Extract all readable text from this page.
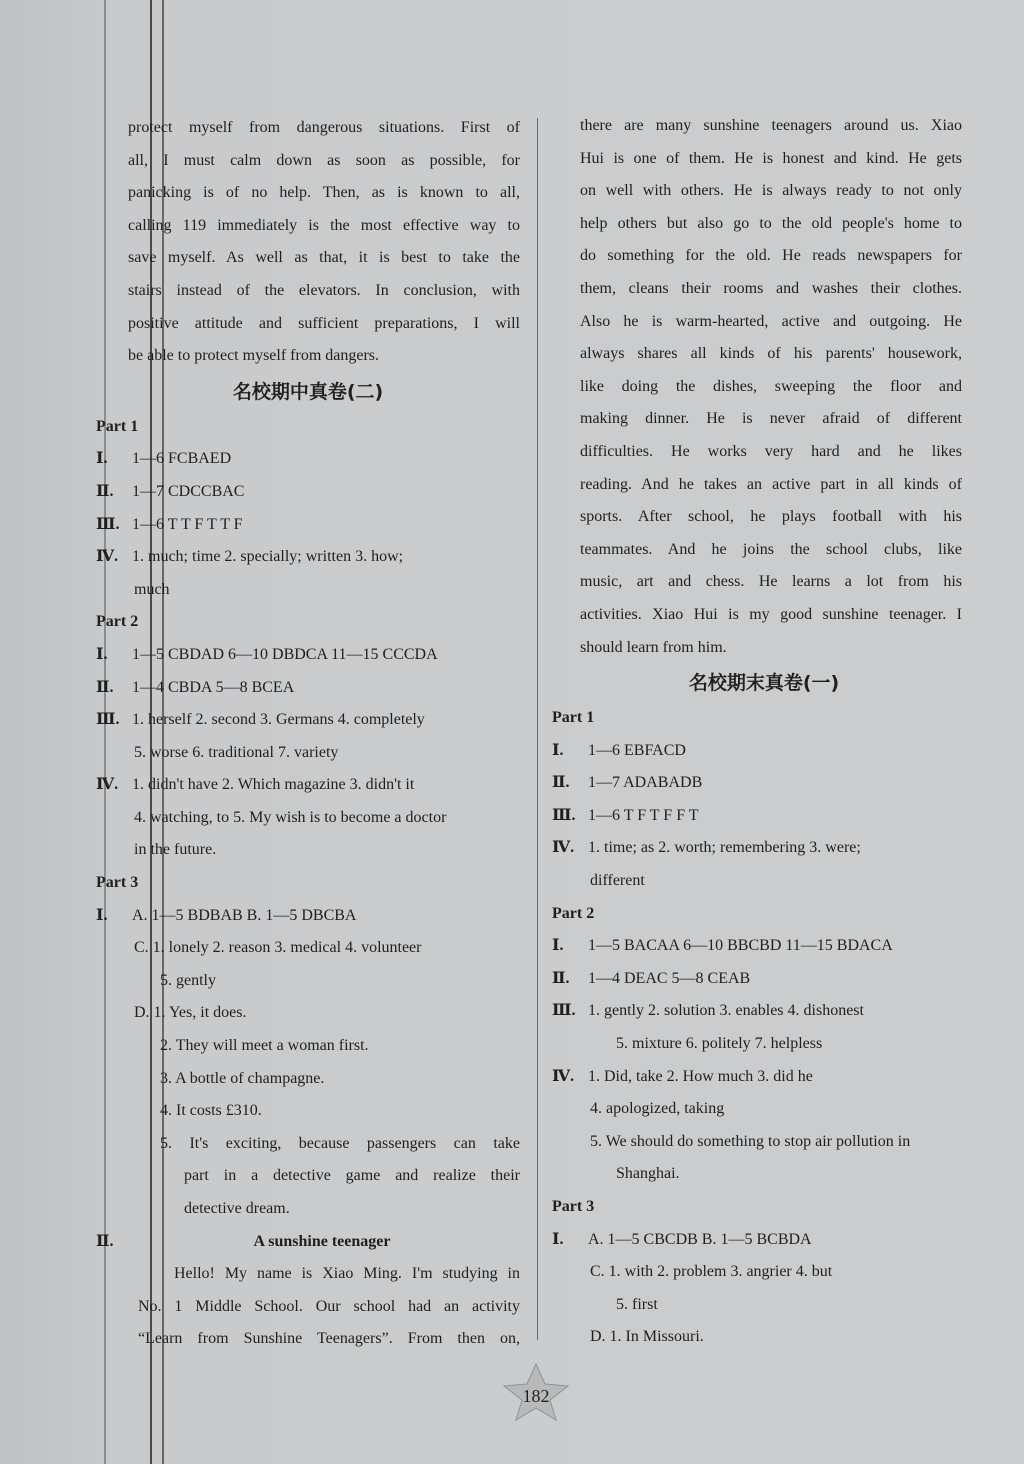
protect myself from dangerous situations. First of
all, I must calm down as soon as possible, for
panicking is of no help. Then, as is known to all,
calling 119 immediately is the most effective way to
save myself. As well as that, it is best to take the
stairs instead of the elevators. In conclusion, with
positive attitude and sufficient preparations, I will
be able to protect myself from dangers.
名校期中真卷(二)
Part 1
Ⅰ. 1—6 FCBAED
Ⅱ. 1—7 CDCCBAC
Ⅲ. 1—6 T T F T T F
Ⅳ. 1. much; time 2. specially; written 3. how;
much
Part 2
Ⅰ. 1—5 CBDAD 6—10 DBDCA 11—15 CCCDA
Ⅱ. 1—4 CBDA 5—8 BCEA
Ⅲ. 1. herself 2. second 3. Germans 4. completely
5. worse 6. traditional 7. variety
Ⅳ. 1. didn't have 2. Which magazine 3. didn't it
4. watching, to 5. My wish is to become a doctor
in the future.
Part 3
Ⅰ. A. 1—5 BDBAB B. 1—5 DBCBA
C. 1. lonely 2. reason 3. medical 4. volunteer
5. gently
D. 1. Yes, it does.
2. They will meet a woman first.
3. A bottle of champagne.
4. It costs £310.
5. It's exciting, because passengers can take
part in a detective game and realize their
detective dream.
Ⅱ.	A sunshine teenager
Hello! My name is Xiao Ming. I'm studying in
No. 1 Middle School. Our school had an activity
“Learn from Sunshine Teenagers”. From then on,
there are many sunshine teenagers around us. Xiao
Hui is one of them. He is honest and kind. He gets
on well with others. He is always ready to not only
help others but also go to the old people's home to
do something for the old. He reads newspapers for
them, cleans their rooms and washes their clothes.
Also he is warm-hearted, active and outgoing. He
always shares all kinds of his parents' housework,
like doing the dishes, sweeping the floor and
making dinner. He is never afraid of different
difficulties. He works very hard and he likes
reading. And he takes an active part in all kinds of
sports. After school, he plays football with his
teammates. And he joins the school clubs, like
music, art and chess. He learns a lot from his
activities. Xiao Hui is my good sunshine teenager. I
should learn from him.
名校期末真卷(一)
Part 1
Ⅰ. 1—6 EBFACD
Ⅱ. 1—7 ADABADB
Ⅲ. 1—6 T F T F F T
Ⅳ. 1. time; as 2. worth; remembering 3. were;
different
Part 2
Ⅰ. 1—5 BACAA 6—10 BBCBD 11—15 BDACA
Ⅱ. 1—4 DEAC 5—8 CEAB
Ⅲ. 1. gently 2. solution 3. enables 4. dishonest
5. mixture 6. politely 7. helpless
Ⅳ. 1. Did, take 2. How much 3. did he
4. apologized, taking
5. We should do something to stop air pollution in
Shanghai.
Part 3
Ⅰ. A. 1—5 CBCDB B. 1—5 BCBDA
C. 1. with 2. problem 3. angrier 4. but
5. first
D. 1. In Missouri.
182
